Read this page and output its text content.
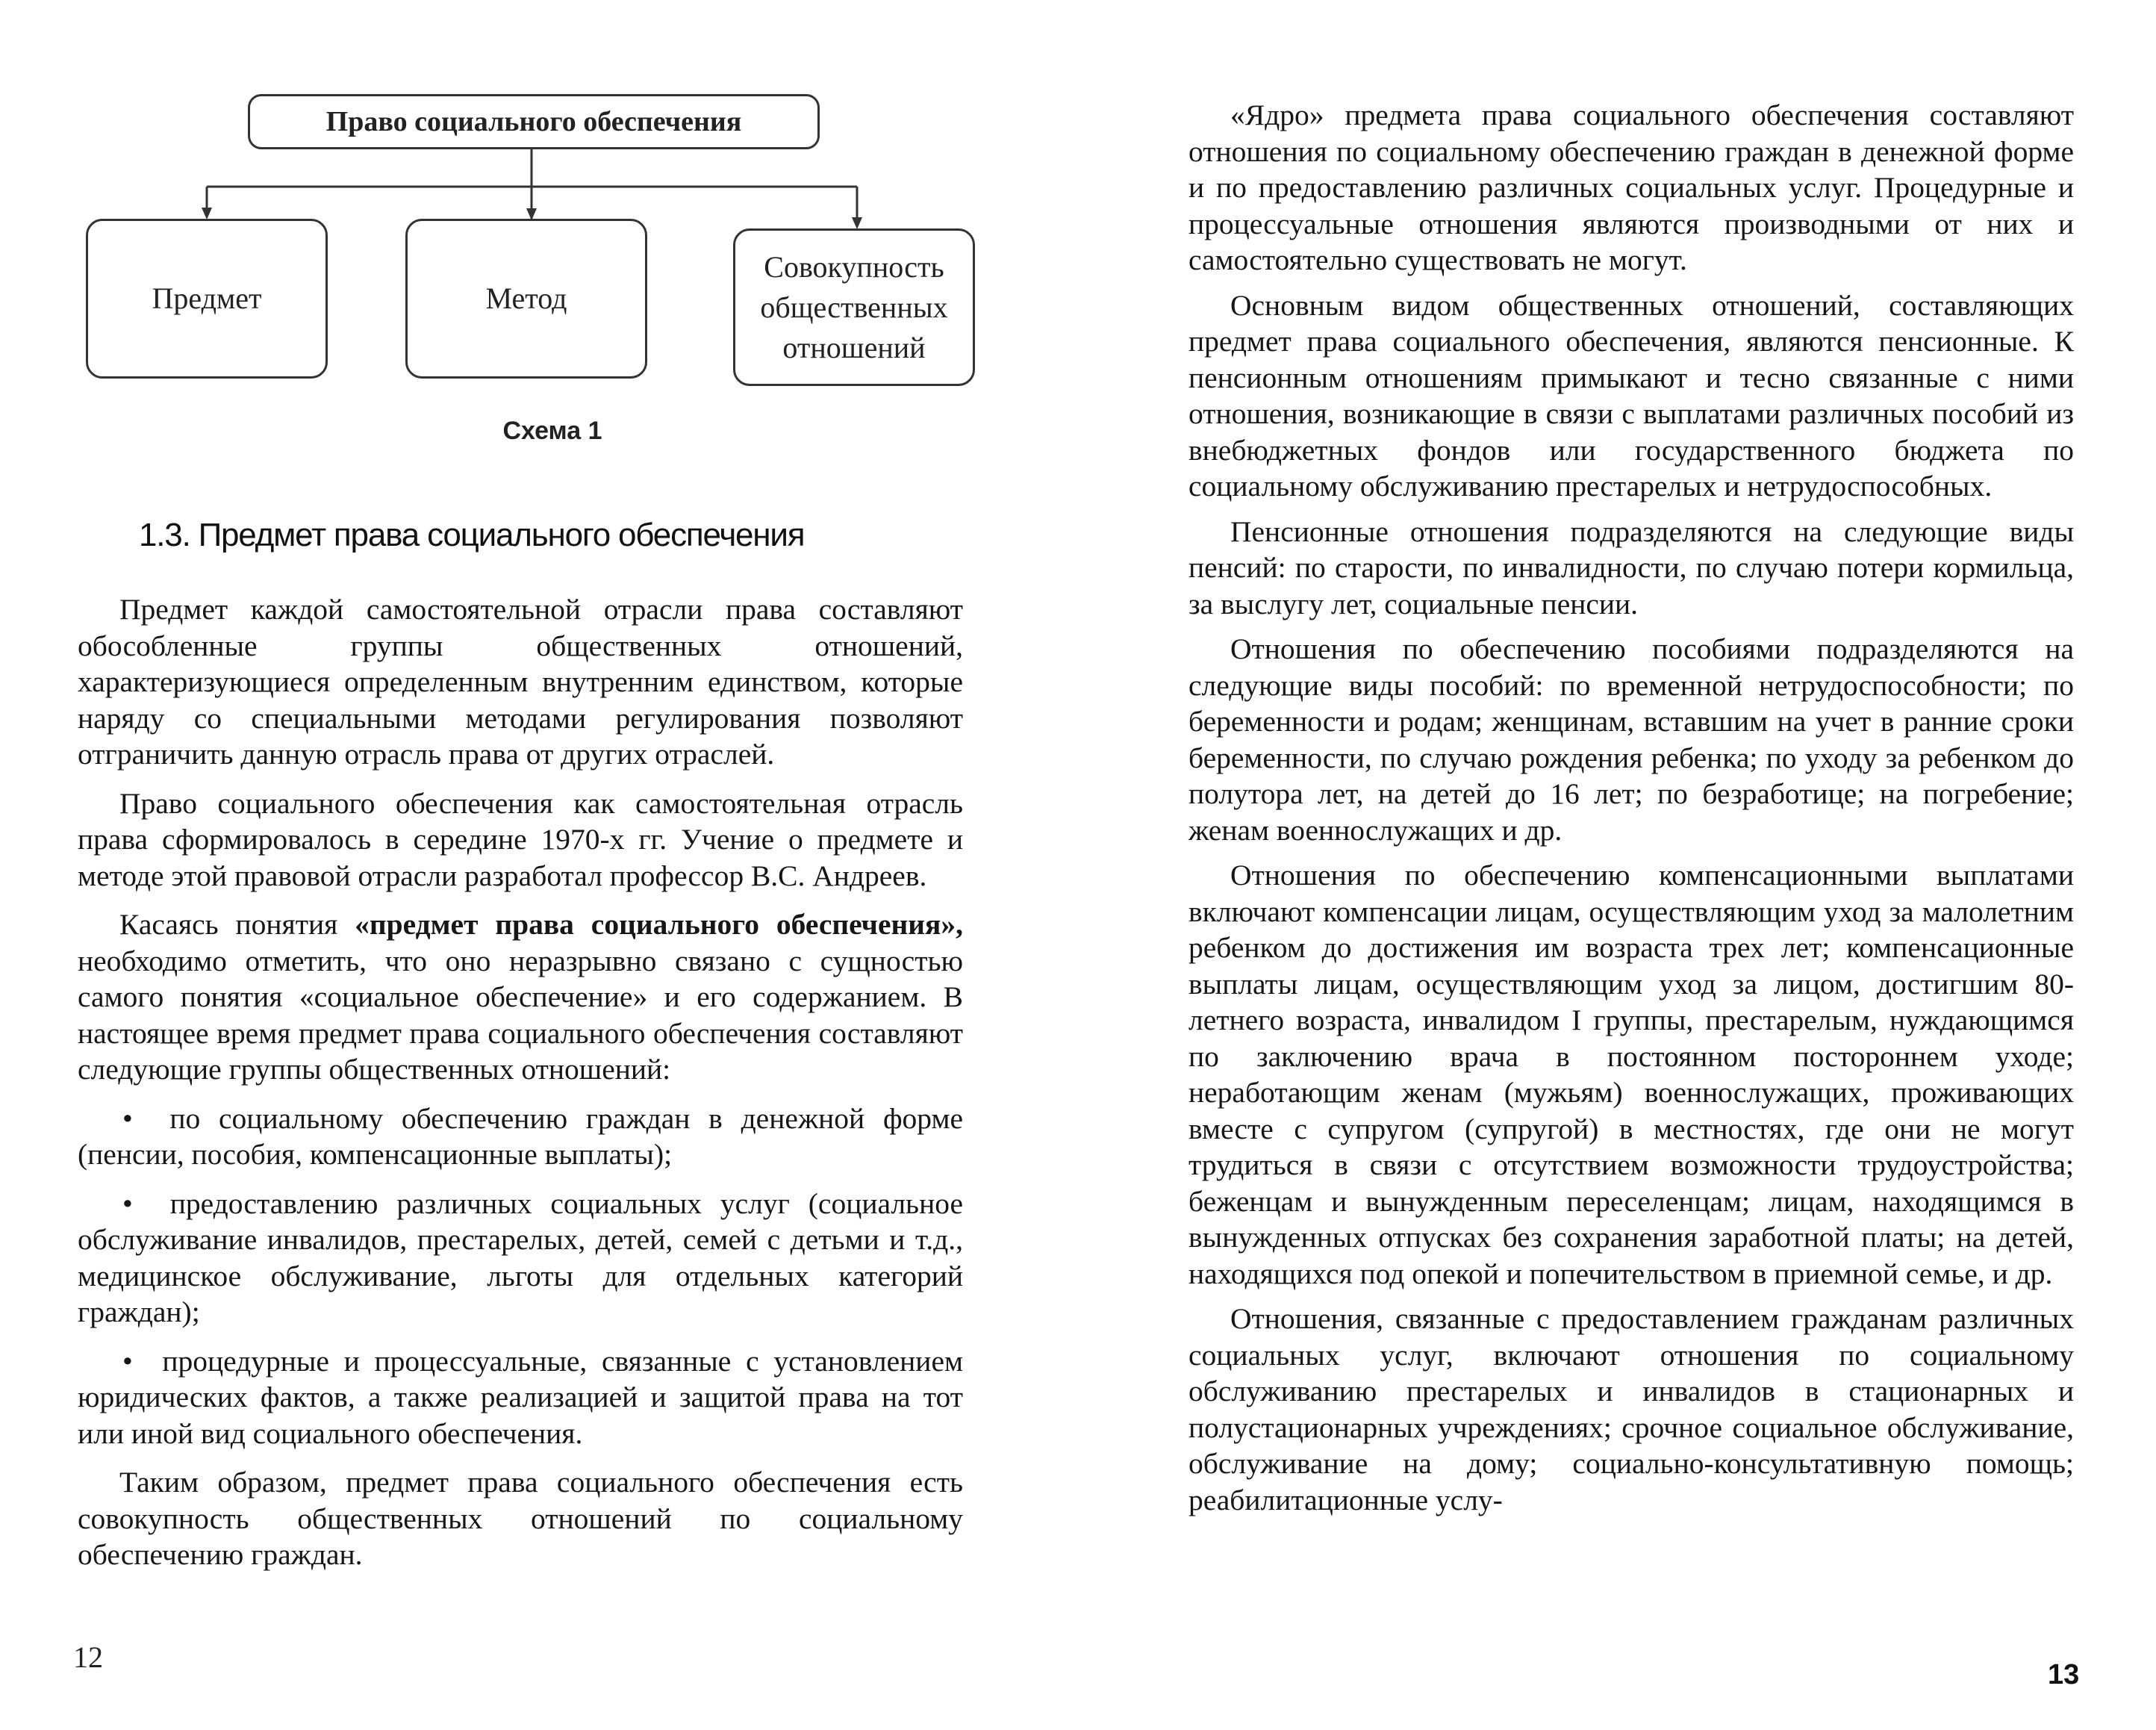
Право социального обеспечения
Предмет	Метод
Совокупность общественных отношений
Схема 1
1.3. Предмет права социального обеспечения

Предмет каждой самостоятельной отрасли права составляют обособленные группы общественных отношений, характеризующиеся определенным внутренним единством, которые наряду со специальными методами регулирования позволяют отграничить данную отрасль права от других отраслей.

Право социального обеспечения как самостоятельная отрасль права сформировалось в середине 1970-х гг. Учение о предмете и методе этой правовой отрасли разработал профессор В.С. Андреев.

Касаясь понятия «предмет права социального обеспечения», необходимо отметить, что оно неразрывно связано с сущностью самого понятия «социальное обеспечение» и его содержанием. В настоящее время предмет права социального обеспечения составляют следующие группы общественных отношений:

•  по социальному обеспечению граждан в денежной форме (пенсии, пособия, компенсационные выплаты);

•  предоставлению различных социальных услуг (социальное обслуживание инвалидов, престарелых, детей, семей с детьми и т.д., медицинское обслуживание, льготы для отдельных категорий граждан);

•  процедурные и процессуальные, связанные с установлением юридических фактов, а также реализацией и защитой права на тот или иной вид социального обеспечения.

Таким образом, предмет права социального обеспечения есть совокупность общественных отношений по социальному обеспечению граждан.

12

«Ядро» предмета права социального обеспечения составляют отношения по социальному обеспечению граждан в денежной форме и по предоставлению различных социальных услуг. Процедурные и процессуальные отношения являются производными от них и самостоятельно существовать не могут.

Основным видом общественных отношений, составляющих предмет права социального обеспечения, являются пенсионные. К пенсионным отношениям примыкают и тесно связанные с ними отношения, возникающие в связи с выплатами различных пособий из внебюджетных фондов или государственного бюджета по социальному обслуживанию престарелых и нетрудоспособных.

Пенсионные отношения подразделяются на следующие виды пенсий: по старости, по инвалидности, по случаю потери кормильца, за выслугу лет, социальные пенсии.

Отношения по обеспечению пособиями подразделяются на следующие виды пособий: по временной нетрудоспособности; по беременности и родам; женщинам, вставшим на учет в ранние сроки беременности, по случаю рождения ребенка; по уходу за ребенком до полутора лет, на детей до 16 лет; по безработице; на погребение; женам военнослужащих и др.

Отношения по обеспечению компенсационными выплатами включают компенсации лицам, осуществляющим уход за малолетним ребенком до достижения им возраста трех лет; компенсационные выплаты лицам, осуществляющим уход за лицом, достигшим 80-летнего возраста, инвалидом I группы, престарелым, нуждающимся по заключению врача в постоянном постороннем уходе; неработающим женам (мужьям) военнослужащих, проживающих вместе с супругом (супругой) в местностях, где они не могут трудиться в связи с отсутствием возможности трудоустройства; беженцам и вынужденным переселенцам; лицам, находящимся в вынужденных отпусках без сохранения заработной платы; на детей, находящихся под опекой и попечительством в приемной семье, и др.

Отношения, связанные с предоставлением гражданам различных социальных услуг, включают отношения по социальному обслуживанию престарелых и инвалидов в стационарных и полустационарных учреждениях; срочное социальное обслуживание, обслуживание на дому; социально-консультативную помощь; реабилитационные услу-

13
